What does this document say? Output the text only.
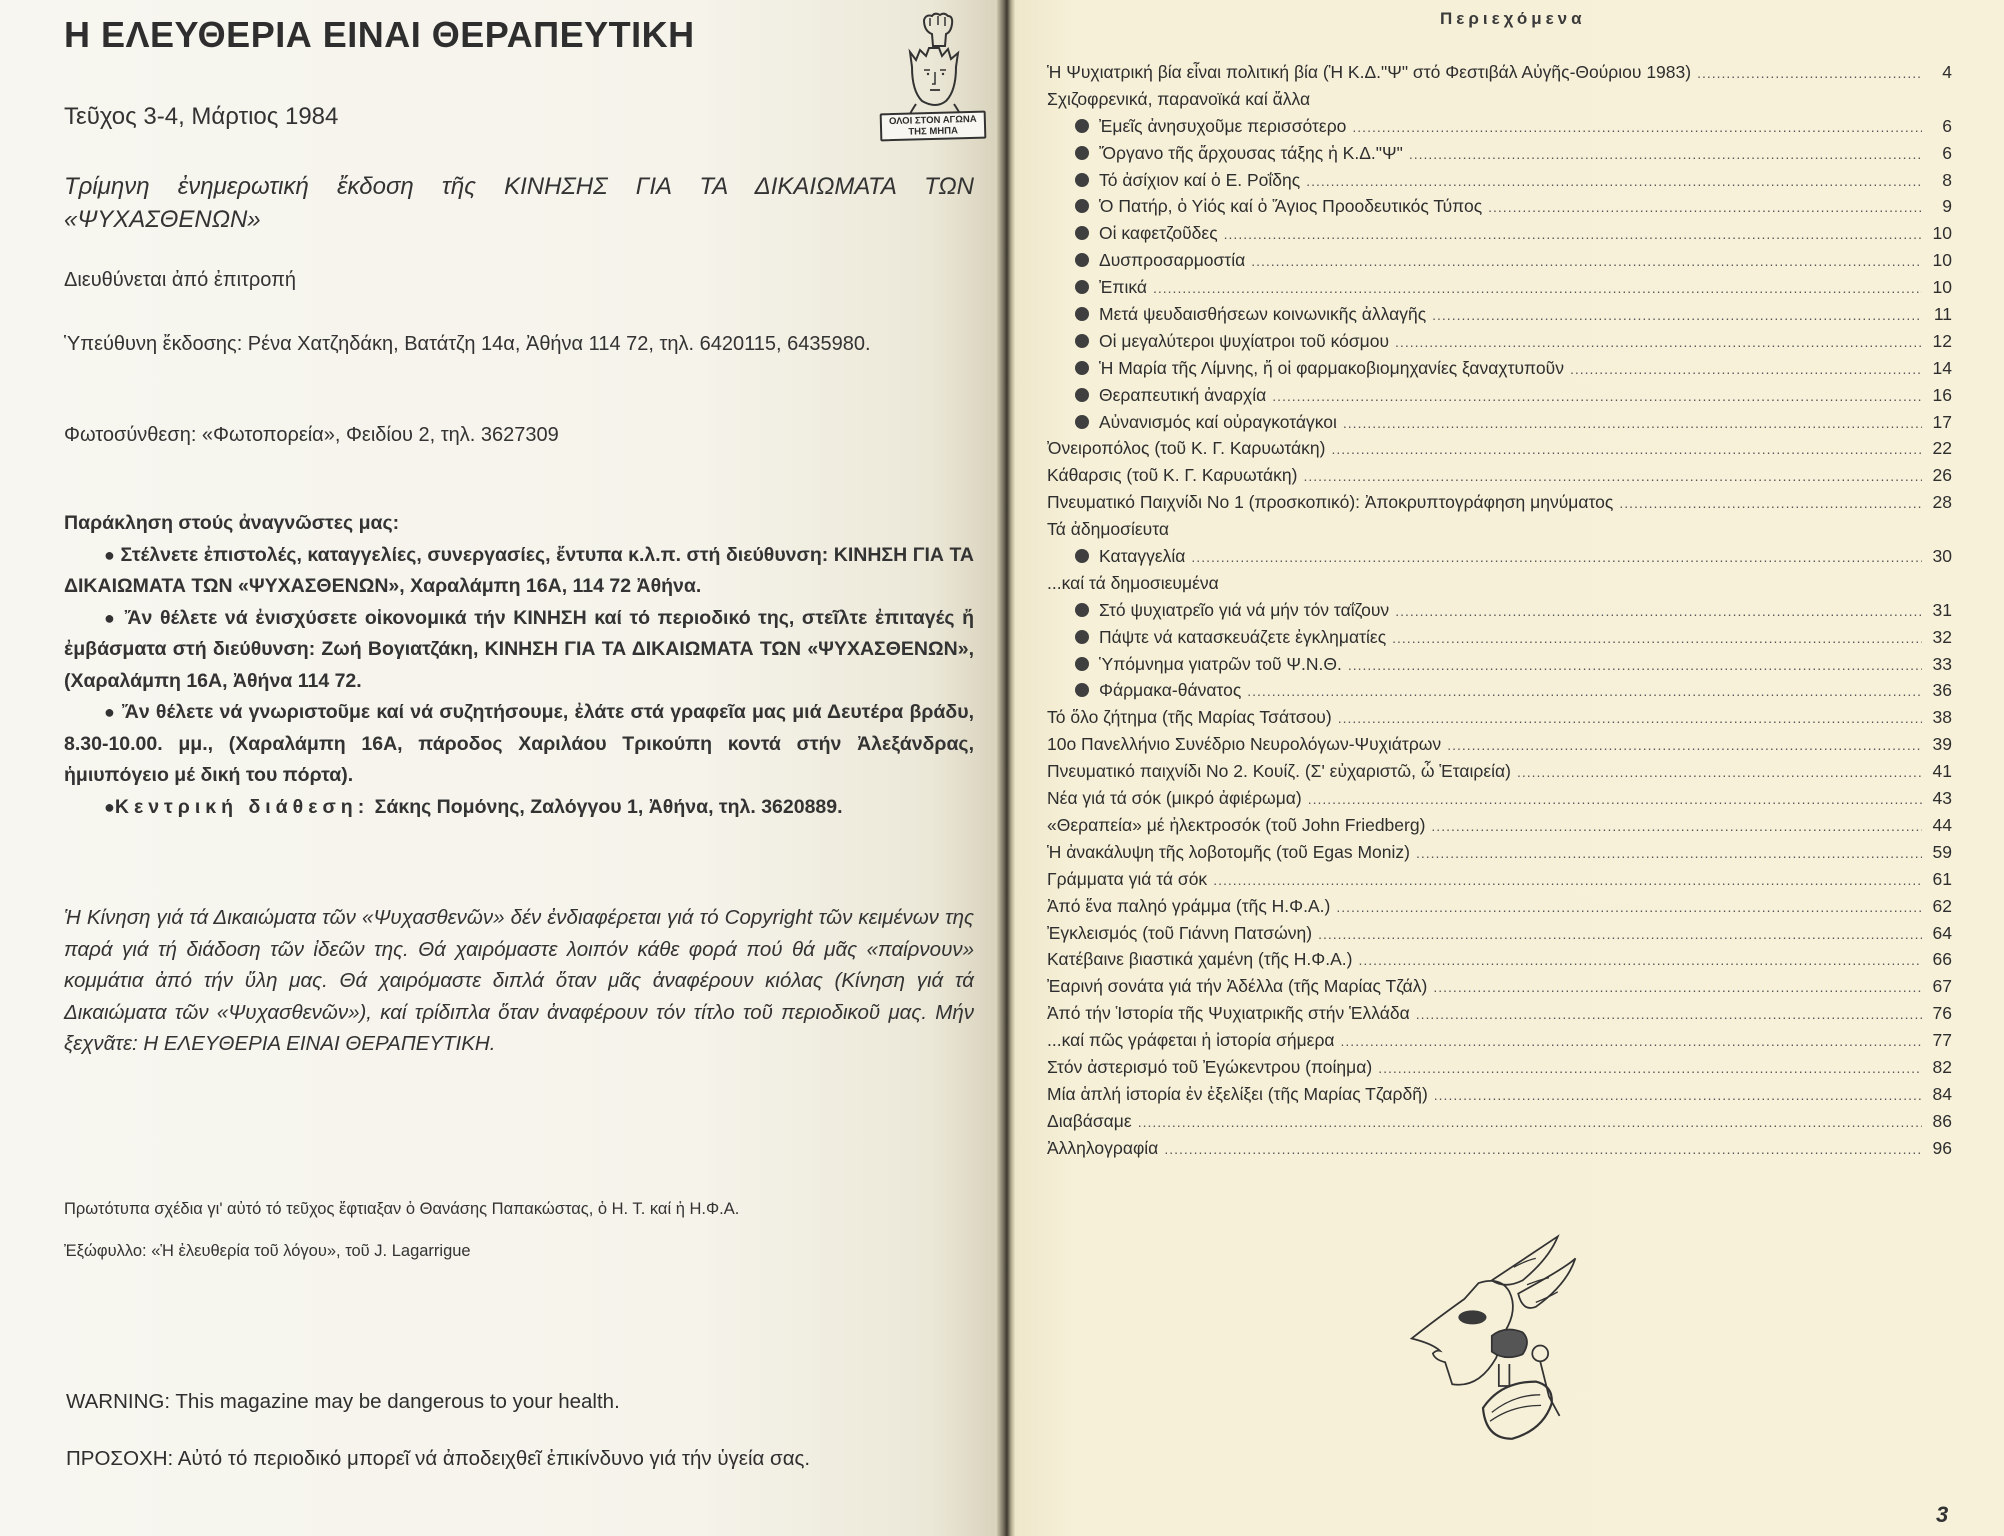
Η ΕΛΕΥΘΕΡΙΑ ΕΙΝΑΙ ΘΕΡΑΠΕΥΤΙΚΗ
ΟΛΟΙ ΣΤΟΝ ΑΓΩΝΑ ΤΗΣ ΜΗΠΑ
Τεῦχος 3-4, Μάρτιος 1984
Τρίμηνη ἐνημερωτική ἔκδοση τῆς ΚΙΝΗΣΗΣ ΓΙΑ ΤΑ ΔΙΚΑΙΩΜΑΤΑ ΤΩΝ «ΨΥΧΑΣΘΕΝΩΝ»
Διευθύνεται ἀπό ἐπιτροπή
Ὑπεύθυνη ἔκδοσης: Ρένα Χατζηδάκη, Βατάτζη 14α, Ἀθήνα 114 72, τηλ. 6420115, 6435980.
Φωτοσύνθεση: «Φωτοπορεία», Φειδίου 2, τηλ. 3627309

Παράκληση στούς ἀναγνῶστες μας:

● Στέλνετε ἐπιστολές, καταγγελίες, συνεργασίες, ἔντυπα κ.λ.π. στή διεύθυνση: ΚΙΝΗΣΗ ΓΙΑ ΤΑ ΔΙΚΑΙΩΜΑΤΑ ΤΩΝ «ΨΥΧΑΣΘΕΝΩΝ», Χαραλάμπη 16Α, 114 72 Ἀθήνα.

● Ἄν θέλετε νά ἐνισχύσετε οἰκονομικά τήν ΚΙΝΗΣΗ καί τό περιοδικό της, στεῖλτε ἐπιταγές ἤ ἐμβάσματα στή διεύθυνση: Ζωή Βογιατζάκη, ΚΙΝΗΣΗ ΓΙΑ ΤΑ ΔΙΚΑΙΩΜΑΤΑ ΤΩΝ «ΨΥΧΑΣΘΕΝΩΝ», (Χαραλάμπη 16Α, Ἀθήνα 114 72.

● Ἄν θέλετε νά γνωριστοῦμε καί νά συζητήσουμε, ἐλάτε στά γραφεῖα μας μιά Δευτέρα βράδυ, 8.30-10.00. μμ., (Χαραλάμπη 16Α, πάροδος Χαριλάου Τρικούπη κοντά στήν Ἀλεξάνδρας, ἡμιυπόγειο μέ δική του πόρτα).

●Κεντρική διάθεση: Σάκης Πομόνης, Ζαλόγγου 1, Ἀθήνα, τηλ. 3620889.

Ἡ Κίνηση γιά τά Δικαιώματα τῶν «Ψυχασθενῶν» δέν ἐνδιαφέρεται γιά τό Copyright τῶν κειμένων της παρά γιά τή διάδοση τῶν ἰδεῶν της. Θά χαιρόμαστε λοιπόν κάθε φορά πού θά μᾶς «παίρνουν» κομμάτια ἀπό τήν ὕλη μας. Θά χαιρόμαστε διπλά ὅταν μᾶς ἀναφέρουν κιόλας (Κίνηση γιά τά Δικαιώματα τῶν «Ψυχασθενῶν»), καί τρίδιπλα ὅταν ἀναφέρουν τόν τίτλο τοῦ περιοδικοῦ μας. Μήν ξεχνᾶτε: Η ΕΛΕΥΘΕΡΙΑ ΕΙΝΑΙ ΘΕΡΑΠΕΥΤΙΚΗ.
Πρωτότυπα σχέδια γι' αὐτό τό τεῦχος ἔφτιαξαν ὁ Θανάσης Παπακώστας, ὁ Η. Τ. καί ἡ Η.Φ.Α.
Ἐξώφυλλο: «Ἡ ἐλευθερία τοῦ λόγου», τοῦ J. Lagarrigue
WARNING: This magazine may be dangerous to your health.
ΠΡΟΣΟΧΗ: Αὐτό τό περιοδικό μπορεῖ νά ἀποδειχθεῖ ἐπικίνδυνο γιά τήν ὑγεία σας.
Περιεχόμενα
Ἡ Ψυχιατρική βία εἶναι πολιτική βία (Ἡ Κ.Δ."Ψ" στό Φεστιβάλ Αὐγῆς-Θούριου 1983) .....	4
Σχιζοφρενικά, παρανοϊκά καί ἄλλα
Ἐμεῖς ἀνησυχοῦμε περισσότερο .....	6
Ὄργανο τῆς ἄρχουσας τάξης ἡ Κ.Δ."Ψ" .....	6
Τό ἀσίχιον καί ὁ Ε. Ροΐδης .....	8
Ὁ Πατήρ, ὁ Υἱός καί ὁ Ἅγιος Προοδευτικός Τύπος .....	9
Οἱ καφετζοῦδες .....	10
Δυσπροσαρμοστία .....	10
Ἐπικά .....	10
Μετά ψευδαισθήσεων κοινωνικῆς ἀλλαγῆς .....	11
Οἱ μεγαλύτεροι ψυχίατροι τοῦ κόσμου .....	12
Ἡ Μαρία τῆς Λίμνης, ἤ οἱ φαρμακοβιομηχανίες ξαναχτυποῦν .....	14
Θεραπευτική ἀναρχία .....	16
Αὐνανισμός καί οὐραγκοτάγκοι .....	17
Ὀνειροπόλος (τοῦ Κ. Γ. Καρυωτάκη) .....	22
Κάθαρσις (τοῦ Κ. Γ. Καρυωτάκη) .....	26
Πνευματικό Παιχνίδι Νο 1 (προσκοπικό): Ἀποκρυπτογράφηση μηνύματος .....	28
Τά ἀδημοσίευτα
Καταγγελία .....	30
...καί τά δημοσιευμένα
Στό ψυχιατρεῖο γιά νά μήν τόν ταΐζουν .....	31
Πάψτε νά κατασκευάζετε ἐγκληματίες .....	32
Ὑπόμνημα γιατρῶν τοῦ Ψ.Ν.Θ. .....	33
Φάρμακα-θάνατος .....	36
Τό ὅλο ζήτημα (τῆς Μαρίας Τσάτσου) .....	38
10ο Πανελλήνιο Συνέδριο Νευρολόγων-Ψυχιάτρων .....	39
Πνευματικό παιχνίδι Νο 2. Κουίζ. (Σ' εὐχαριστῶ, ὦ Ἑταιρεία) .....	41
Νέα γιά τά σόκ (μικρό ἀφιέρωμα) .....	43
«Θεραπεία» μέ ἠλεκτροσόκ (τοῦ John Friedberg) .....	44
Ἡ ἀνακάλυψη τῆς λοβοτομῆς (τοῦ Egas Moniz) .....	59
Γράμματα γιά τά σόκ .....	61
Ἀπό ἕνα παληό γράμμα (τῆς Η.Φ.Α.) .....	62
Ἐγκλεισμός (τοῦ Γιάννη Πατσώνη) .....	64
Κατέβαινε βιαστικά χαμένη (τῆς Η.Φ.Α.) .....	66
Ἐαρινή σονάτα γιά τήν Ἀδέλλα (τῆς Μαρίας Τζάλ) .....	67
Ἀπό τήν Ἱστορία τῆς Ψυχιατρικῆς στήν Ἑλλάδα .....	76
...καί πῶς γράφεται ἡ ἱστορία σήμερα .....	77
Στόν ἀστερισμό τοῦ Ἐγώκεντρου (ποίημα) .....	82
Μία ἁπλή ἱστορία ἐν ἐξελίξει (τῆς Μαρίας Τζαρδῆ) .....	84
Διαβάσαμε .....	86
Ἀλληλογραφία .....	96
3
